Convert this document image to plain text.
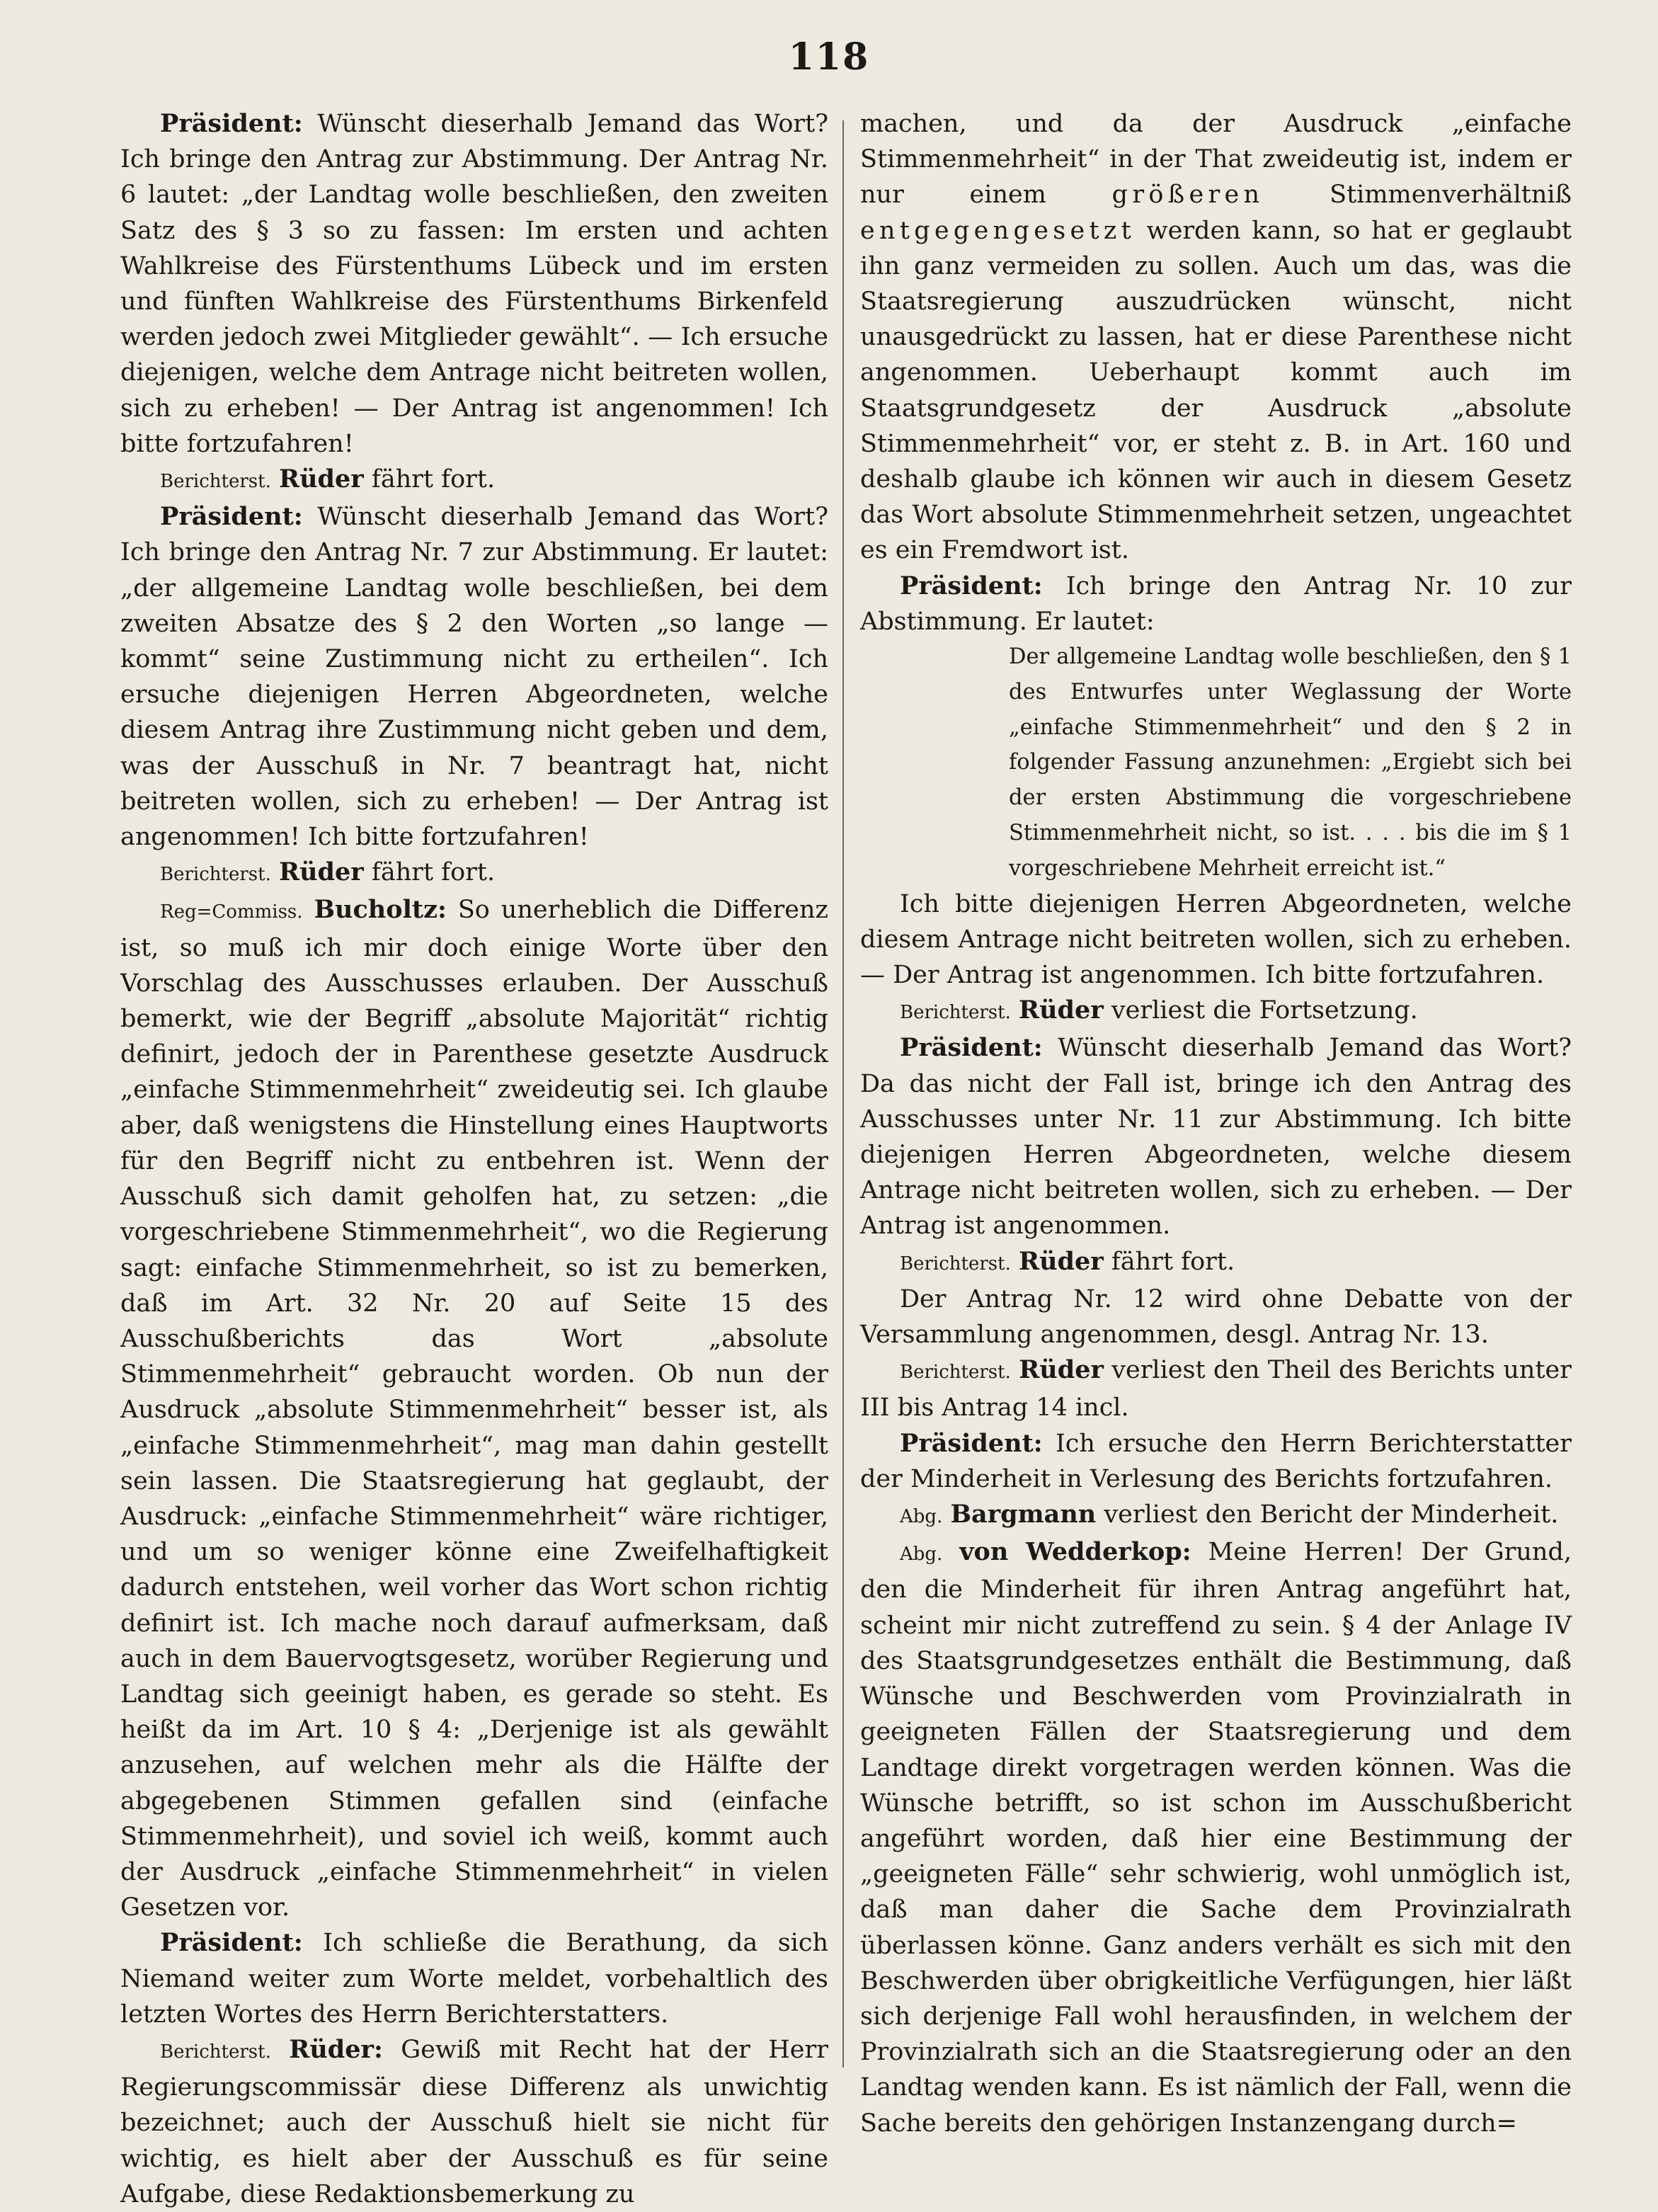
118

Präsident: Wünscht dieserhalb Jemand das Wort? Ich bringe den Antrag zur Abstimmung. Der Antrag Nr. 6 lautet: „der Landtag wolle beschließen, den zweiten Satz des § 3 so zu fassen: Im ersten und achten Wahlkreise des Fürstenthums Lübeck und im ersten und fünften Wahlkreise des Fürstenthums Birkenfeld werden jedoch zwei Mitglieder gewählt“. — Ich ersuche diejenigen, welche dem Antrage nicht beitreten wollen, sich zu erheben! — Der Antrag ist angenommen! Ich bitte fortzufahren!

Berichterst. Rüder fährt fort.

Präsident: Wünscht dieserhalb Jemand das Wort? Ich bringe den Antrag Nr. 7 zur Abstimmung. Er lautet: „der allgemeine Landtag wolle beschließen, bei dem zweiten Absatze des § 2 den Worten „so lange — kommt“ seine Zustimmung nicht zu ertheilen“. Ich ersuche diejenigen Herren Abgeordneten, welche diesem Antrag ihre Zustimmung nicht geben und dem, was der Ausschuß in Nr. 7 beantragt hat, nicht beitreten wollen, sich zu erheben! — Der Antrag ist angenommen! Ich bitte fortzufahren!

Berichterst. Rüder fährt fort.

Reg=Commiss. Bucholtz: So unerheblich die Differenz ist, so muß ich mir doch einige Worte über den Vorschlag des Ausschusses erlauben. Der Ausschuß bemerkt, wie der Begriff „absolute Majorität“ richtig definirt, jedoch der in Parenthese gesetzte Ausdruck „einfache Stimmenmehrheit“ zweideutig sei. Ich glaube aber, daß wenigstens die Hinstellung eines Hauptworts für den Begriff nicht zu entbehren ist. Wenn der Ausschuß sich damit geholfen hat, zu setzen: „die vorgeschriebene Stimmenmehrheit“, wo die Regierung sagt: einfache Stimmenmehrheit, so ist zu bemerken, daß im Art. 32 Nr. 20 auf Seite 15 des Ausschußberichts das Wort „absolute Stimmenmehrheit“ gebraucht worden. Ob nun der Ausdruck „absolute Stimmenmehrheit“ besser ist, als „einfache Stimmenmehrheit“, mag man dahin gestellt sein lassen. Die Staatsregierung hat geglaubt, der Ausdruck: „einfache Stimmenmehrheit“ wäre richtiger, und um so weniger könne eine Zweifelhaftigkeit dadurch entstehen, weil vorher das Wort schon richtig definirt ist. Ich mache noch darauf aufmerksam, daß auch in dem Bauervogtsgesetz, worüber Regierung und Landtag sich geeinigt haben, es gerade so steht. Es heißt da im Art. 10 § 4: „Derjenige ist als gewählt anzusehen, auf welchen mehr als die Hälfte der abgegebenen Stimmen gefallen sind (einfache Stimmenmehrheit), und soviel ich weiß, kommt auch der Ausdruck „einfache Stimmenmehrheit“ in vielen Gesetzen vor.

Präsident: Ich schließe die Berathung, da sich Niemand weiter zum Worte meldet, vorbehaltlich des letzten Wortes des Herrn Berichterstatters.

Berichterst. Rüder: Gewiß mit Recht hat der Herr Regierungscommissär diese Differenz als unwichtig bezeichnet; auch der Ausschuß hielt sie nicht für wichtig, es hielt aber der Ausschuß es für seine Aufgabe, diese Redaktionsbemerkung zu

machen, und da der Ausdruck „einfache Stimmenmehrheit“ in der That zweideutig ist, indem er nur einem	größeren	Stimmenverhältniß entgegengesetzt werden kann, so hat er geglaubt ihn ganz vermeiden zu sollen. Auch um das, was die Staatsregierung auszudrücken wünscht, nicht unausgedrückt zu lassen, hat er diese Parenthese nicht angenommen. Ueberhaupt kommt auch im Staatsgrundgesetz der Ausdruck „absolute Stimmenmehrheit“ vor, er steht z. B. in Art. 160 und deshalb glaube ich können wir auch in diesem Gesetz das Wort absolute Stimmenmehrheit setzen, ungeachtet es ein Fremdwort ist.

Präsident: Ich bringe den Antrag Nr. 10 zur Abstimmung. Er lautet:

Der allgemeine Landtag wolle beschließen, den § 1 des Entwurfes unter Weglassung der Worte „einfache Stimmenmehrheit“ und den § 2 in folgender Fassung anzunehmen: „Ergiebt sich bei der ersten Abstimmung die vorgeschriebene Stimmenmehrheit nicht, so ist. . . . bis die im § 1 vorgeschriebene Mehrheit erreicht ist.“

Ich bitte diejenigen Herren Abgeordneten, welche diesem Antrage nicht beitreten wollen, sich zu erheben. — Der Antrag ist angenommen. Ich bitte fortzufahren.

Berichterst. Rüder verliest die Fortsetzung.

Präsident: Wünscht dieserhalb Jemand das Wort? Da das nicht der Fall ist, bringe ich den Antrag des Ausschusses unter Nr. 11 zur Abstimmung. Ich bitte diejenigen Herren Abgeordneten, welche diesem Antrage nicht beitreten wollen, sich zu erheben. — Der Antrag ist angenommen.

Berichterst. Rüder fährt fort.

Der Antrag Nr. 12 wird ohne Debatte von der Versammlung angenommen, desgl. Antrag Nr. 13.

Berichterst. Rüder verliest den Theil des Berichts unter III bis Antrag 14 incl.

Präsident: Ich ersuche den Herrn Berichterstatter der Minderheit in Verlesung des Berichts fortzufahren.

Abg. Bargmann verliest den Bericht der Minderheit.

Abg. von Wedderkop: Meine Herren! Der Grund, den die Minderheit für ihren Antrag angeführt hat, scheint mir nicht zutreffend zu sein. § 4 der Anlage IV des Staatsgrundgesetzes enthält die Bestimmung, daß Wünsche und Beschwerden vom Provinzialrath in geeigneten Fällen der Staatsregierung und dem Landtage direkt vorgetragen werden können. Was die Wünsche betrifft, so ist schon im Ausschußbericht angeführt worden, daß hier eine Bestimmung der „geeigneten Fälle“ sehr schwierig, wohl unmöglich ist, daß man daher die Sache dem Provinzialrath überlassen könne. Ganz anders verhält es sich mit den Beschwerden über obrigkeitliche Verfügungen, hier läßt sich derjenige Fall wohl herausfinden, in welchem der Provinzialrath sich an die Staatsregierung oder an den Landtag wenden kann. Es ist nämlich der Fall, wenn die Sache bereits den gehörigen Instanzengang durch=
